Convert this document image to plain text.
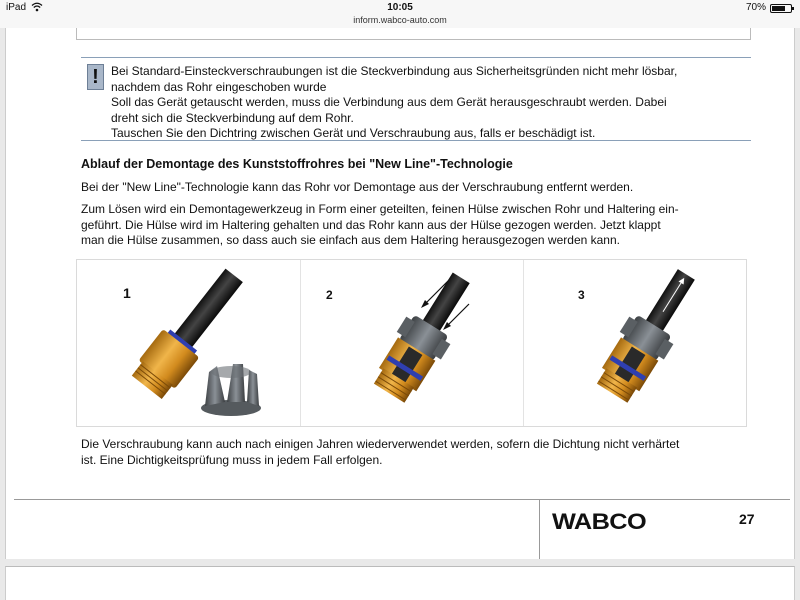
iPad	10:05
inform.wabco-auto.com
70%
!	Bei Standard-Einsteckverschraubungen ist die Steckverbindung aus Sicherheitsgründen nicht mehr lösbar,
nachdem das Rohr eingeschoben wurde
Soll das Gerät getauscht werden, muss die Verbindung aus dem Gerät herausgeschraubt werden. Dabei
dreht sich die Steckverbindung auf dem Rohr.
Tauschen Sie den Dichtring zwischen Gerät und Verschraubung aus, falls er beschädigt ist.
Ablauf der Demontage des Kunststoffrohres bei "New Line"-Technologie
Bei der "New Line"-Technologie kann das Rohr vor Demontage aus der Verschraubung entfernt werden.
Zum Lösen wird ein Demontagewerkzeug in Form einer geteilten, feinen Hülse zwischen Rohr und Haltering ein-
geführt. Die Hülse wird im Haltering gehalten und das Rohr kann aus der Hülse gezogen werden. Jetzt klappt
man die Hülse zusammen, so dass auch sie einfach aus dem Haltering herausgezogen werden kann.
1	2	3
Die Verschraubung kann auch nach einigen Jahren wiederverwendet werden, sofern die Dichtung nicht verhärtet
ist. Eine Dichtigkeitsprüfung muss in jedem Fall erfolgen.
WABCO	27
